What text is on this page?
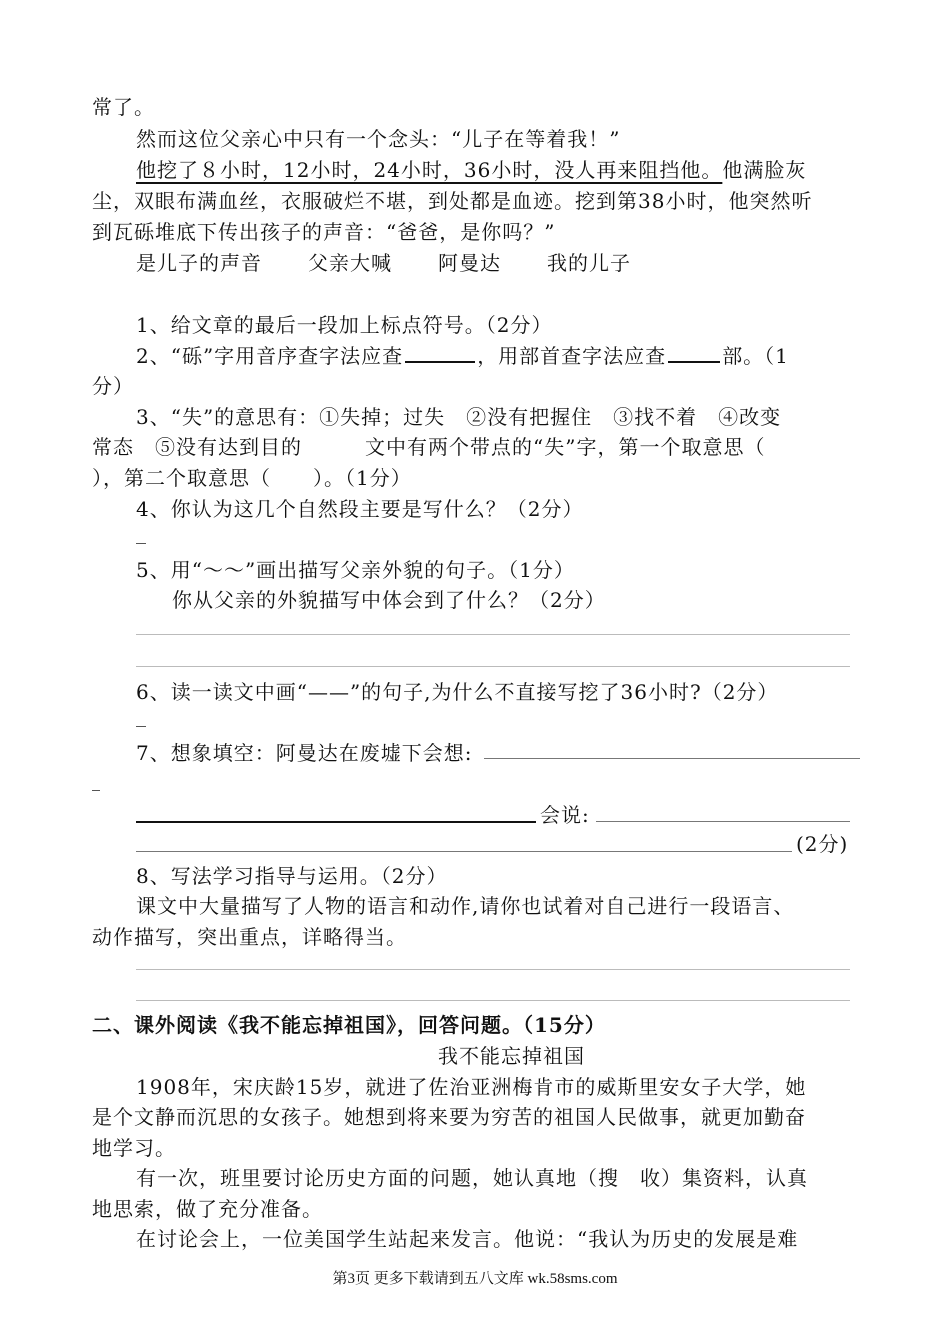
常了。
然而这位父亲心中只有一个念头：“儿子在等着我！”
他挖了８小时，12小时，24小时，36小时，没人再来阻挡他。他满脸灰
尘，双眼布满血丝，衣服破烂不堪，到处都是血迹。挖到第38小时，他突然听
到瓦砾堆底下传出孩子的声音：“爸爸，是你吗？”
是儿子的声音 父亲大喊 阿曼达 我的儿子
1、给文章的最后一段加上标点符号。（2分）
2、“砾”字用音序查字法应查	，用部首查字法应查	部。（1
分）
3、“失”的意思有：①失掉；过失　②没有把握住　③找不着　④改变
常态　⑤没有达到目的　　　文中有两个带点的“失”字，第一个取意思（
），第二个取意思（　　）。（1分）
4、你认为这几个自然段主要是写什么？（2分）
5、用“～～”画出描写父亲外貌的句子。（1分）
你从父亲的外貌描写中体会到了什么？（2分）
6、读一读文中画“——”的句子,为什么不直接写挖了36小时?（2分）
7、想象填空：阿曼达在废墟下会想:
会说:
(2分)
8、写法学习指导与运用。（2分）
课文中大量描写了人物的语言和动作,请你也试着对自己进行一段语言、
动作描写，突出重点，详略得当。
二、课外阅读《我不能忘掉祖国》，回答问题。（15分）
我不能忘掉祖国
1908年，宋庆龄15岁，就进了佐治亚洲梅肯市的威斯里安女子大学，她
是个文静而沉思的女孩子。她想到将来要为穷苦的祖国人民做事，就更加勤奋
地学习。
有一次，班里要讨论历史方面的问题，她认真地（搜　收）集资料，认真
地思索，做了充分准备。
在讨论会上，一位美国学生站起来发言。他说：“我认为历史的发展是难
第3页 更多下载请到五八文库 wk.58sms.com
